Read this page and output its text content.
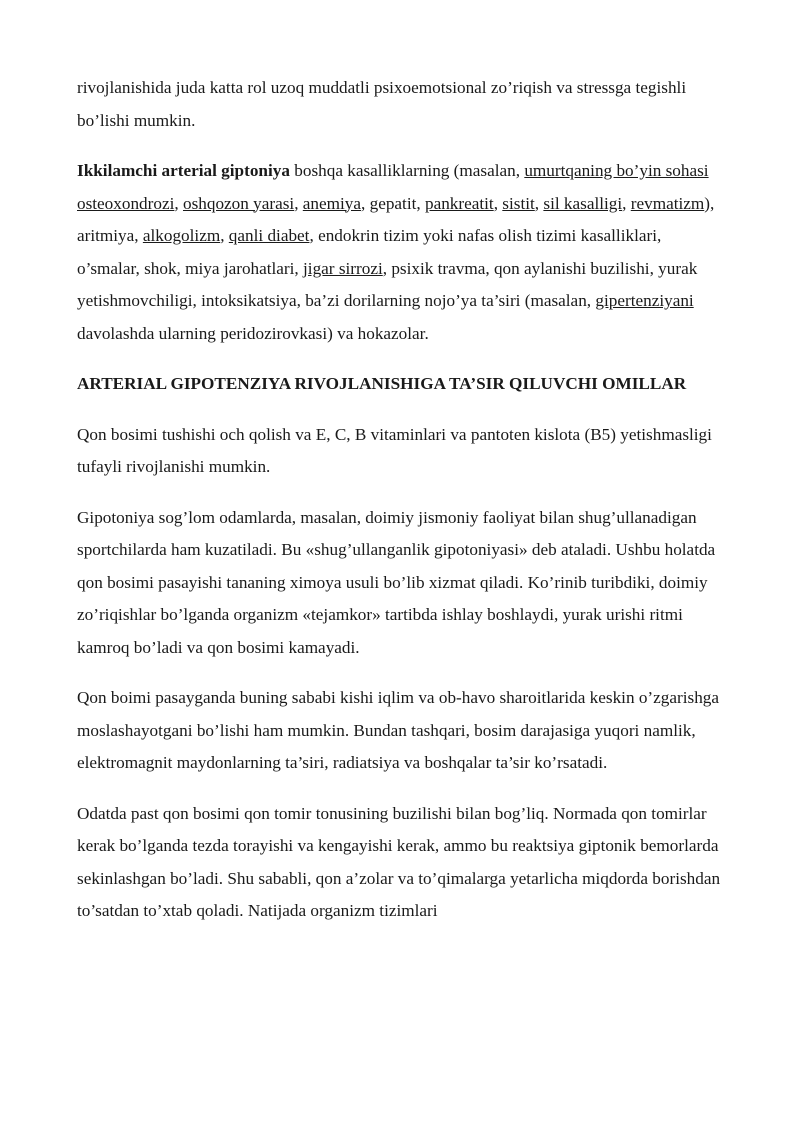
rivojlanishida juda katta rol uzoq muddatli psixoemotsional zo’riqish va stressga tegishli bo’lishi mumkin.

Ikkilamchi arterial giptoniya boshqa kasalliklarning (masalan, umurtqaning bo’yin sohasi osteoxondrozi, oshqozon yarasi, anemiya, gepatit, pankreatit, sistit, sil kasalligi, revmatizm), aritmiya, alkogolizm, qanli diabet, endokrin tizim yoki nafas olish tizimi kasalliklari, o’smalar, shok, miya jarohatlari, jigar sirrozi, psixik travma, qon aylanishi buzilishi, yurak yetishmovchiligi, intoksikatsiya, ba’zi dorilarning nojo’ya ta’siri (masalan, gipertenziyani davolashda ularning peridozirovkasi) va hokazolar.

ARTERIAL GIPOTENZIYA RIVOJLANISHIGA TA’SIR QILUVCHI OMILLAR

Qon bosimi tushishi och qolish va E, C, B vitaminlari va pantoten kislota (B5) yetishmasligi tufayli rivojlanishi mumkin.

Gipotoniya sog’lom odamlarda, masalan, doimiy jismoniy faoliyat bilan shug’ullanadigan sportchilarda ham kuzatiladi. Bu «shug’ullanganlik gipotoniyasi» deb ataladi. Ushbu holatda qon bosimi pasayishi tananing ximoya usuli bo’lib xizmat qiladi. Ko’rinib turibdiki, doimiy zo’riqishlar bo’lganda organizm «tejamkor» tartibda ishlay boshlaydi, yurak urishi ritmi kamroq bo’ladi va qon bosimi kamayadi.

Qon boimi pasayganda buning sababi kishi iqlim va ob-havo sharoitlarida keskin o’zgarishga moslashayotgani bo’lishi ham mumkin. Bundan tashqari, bosim darajasiga yuqori namlik, elektromagnit maydonlarning ta’siri, radiatsiya va boshqalar ta’sir ko’rsatadi.

Odatda past qon bosimi qon tomir tonusining buzilishi bilan bog’liq. Normada qon tomirlar kerak bo’lganda tezda torayishi va kengayishi kerak, ammo bu reaktsiya giptonik bemorlarda sekinlashgan bo’ladi. Shu sababli, qon a’zolar va to’qimalarga yetarlicha miqdorda borishdan to’satdan to’xtab qoladi. Natijada organizm tizimlari
